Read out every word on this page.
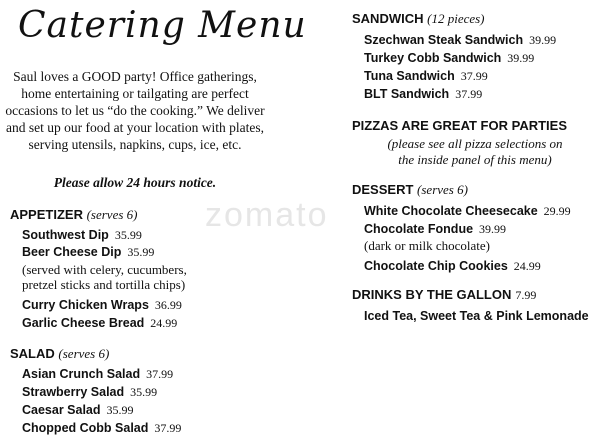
Catering Menu
Saul loves a GOOD party! Office gatherings, home entertaining or tailgating are perfect occasions to let us “do the cooking.” We deliver and set up our food at your location with plates, serving utensils, napkins, cups, ice, etc.
Please allow 24 hours notice.
zomato
APPETIZER (serves 6)
Southwest Dip 35.99
Beer Cheese Dip 35.99
(served with celery, cucumbers,
pretzel sticks and tortilla chips)
Curry Chicken Wraps 36.99
Garlic Cheese Bread 24.99
SALAD (serves 6)
Asian Crunch Salad 37.99
Strawberry Salad 35.99
Caesar Salad 35.99
Chopped Cobb Salad 37.99
SANDWICH (12 pieces)
Szechwan Steak Sandwich 39.99
Turkey Cobb Sandwich 39.99
Tuna Sandwich 37.99
BLT Sandwich 37.99
PIZZAS ARE GREAT FOR PARTIES
(please see all pizza selections on
the inside panel of this menu)
DESSERT (serves 6)
White Chocolate Cheesecake 29.99
Chocolate Fondue 39.99
(dark or milk chocolate)
Chocolate Chip Cookies 24.99
DRINKS BY THE GALLON 7.99
Iced Tea, Sweet Tea & Pink Lemonade
